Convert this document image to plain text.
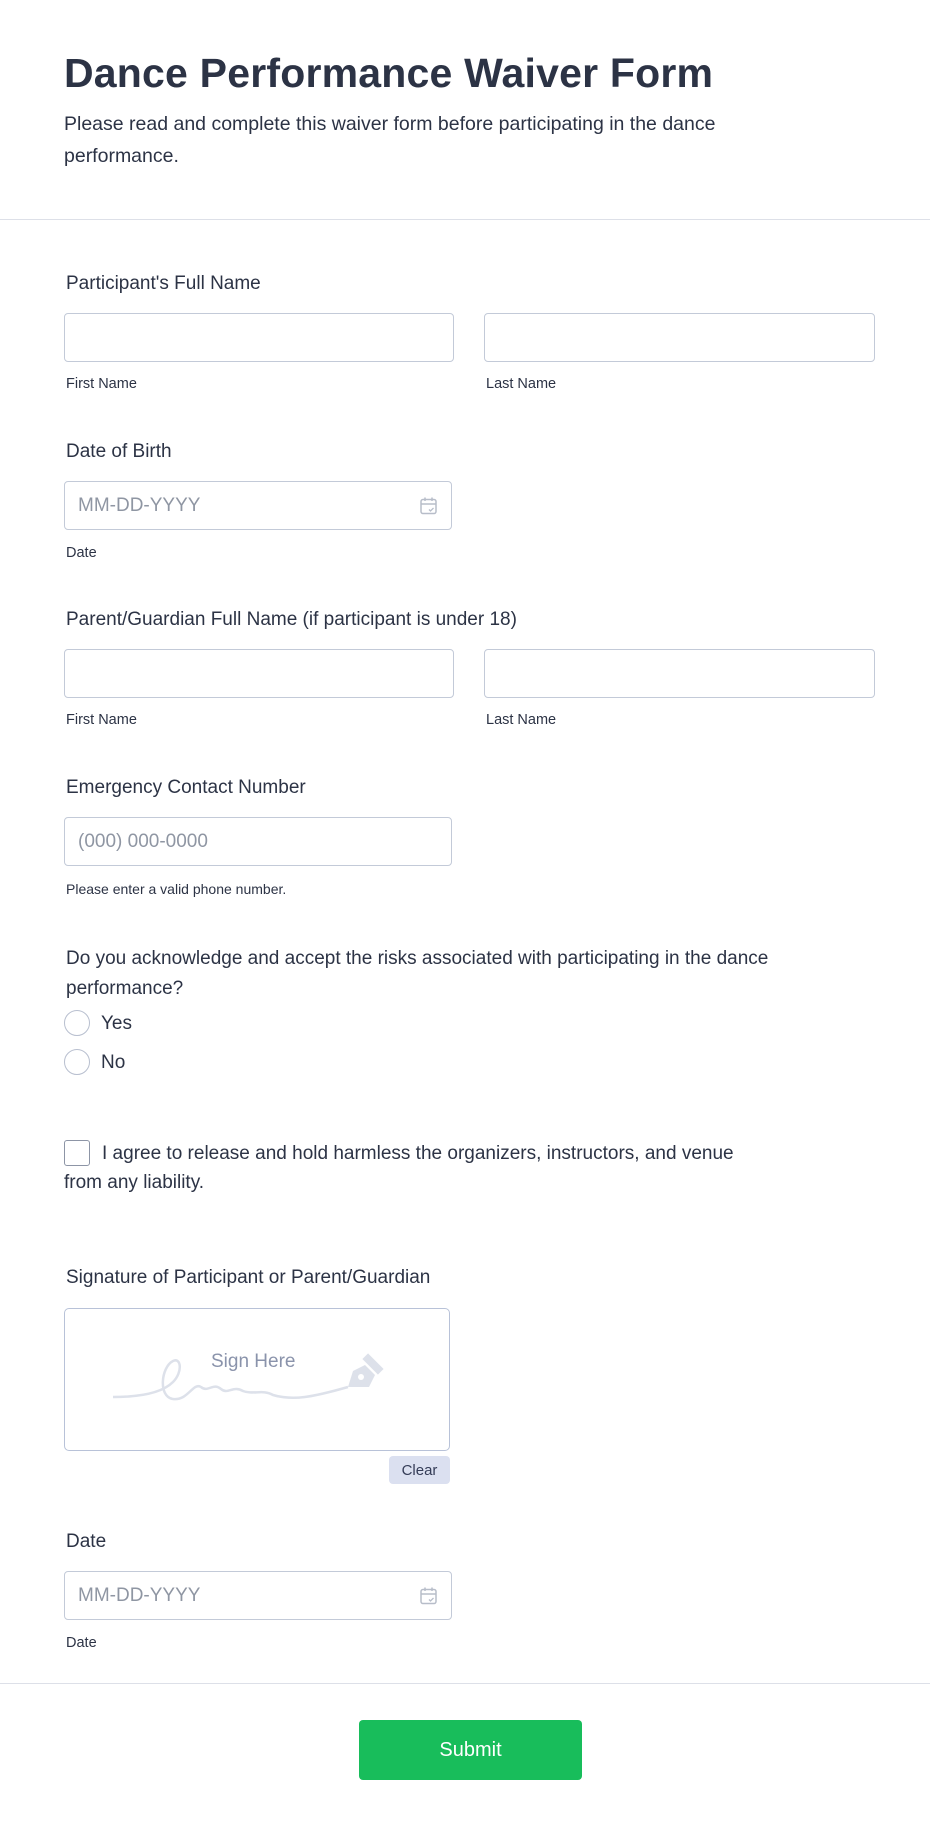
Dance Performance Waiver Form

Please read and complete this waiver form before participating in the dance performance.

Participant's Full Name
First Name	Last Name
Date of Birth
MM-DD-YYYY
Date
Parent/Guardian Full Name (if participant is under 18)
First Name	Last Name
Emergency Contact Number
(000) 000-0000
Please enter a valid phone number.
Do you acknowledge and accept the risks associated with participating in the dance performance?
Yes
No
I agree to release and hold harmless the organizers, instructors, and venue from any liability.
Signature of Participant or Parent/Guardian
Sign Here
Clear
Date
MM-DD-YYYY
Date
Submit
